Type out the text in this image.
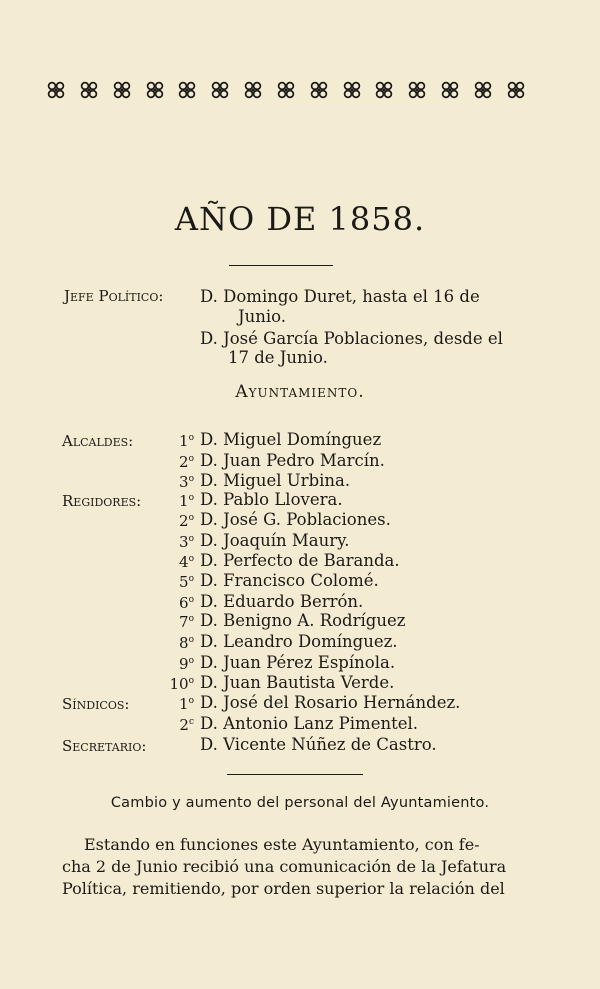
AÑO DE 1858.
Jefe Político: D. Domingo Duret, hasta el 16 de
Junio.
D. José García Poblaciones, desde el
17 de Junio.
Ayuntamiento.
Alcaldes:	1$^o$ D. Miguel Domínguez
2$^o$ D. Juan Pedro Marcín.
3$^o$ D. Miguel Urbina.
Regidores:	1$^o$ D. Pablo Llovera.
2$^o$ D. José G. Poblaciones.
3$^o$ D. Joaquín Maury.
4$^o$ D. Perfecto de Baranda.
5$^o$ D. Francisco Colomé.
6$^o$ D. Eduardo Berrón.
7$^o$ D. Benigno A. Rodríguez
8$^o$ D. Leandro Domínguez.
9$^o$ D. Juan Pérez Espínola.
10$^o$ D. Juan Bautista Verde.
Síndicos:	1$^o$ D. José del Rosario Hernández.
2$^c$ D. Antonio Lanz Pimentel.
Secretario:	D. Vicente Núñez de Castro.
Cambio y aumento del personal del Ayuntamiento.
Estando en funciones este Ayuntamiento, con fe-
cha 2 de Junio recibió una comunicación de la Jefatura
Política, remitiendo, por orden superior la relación del
